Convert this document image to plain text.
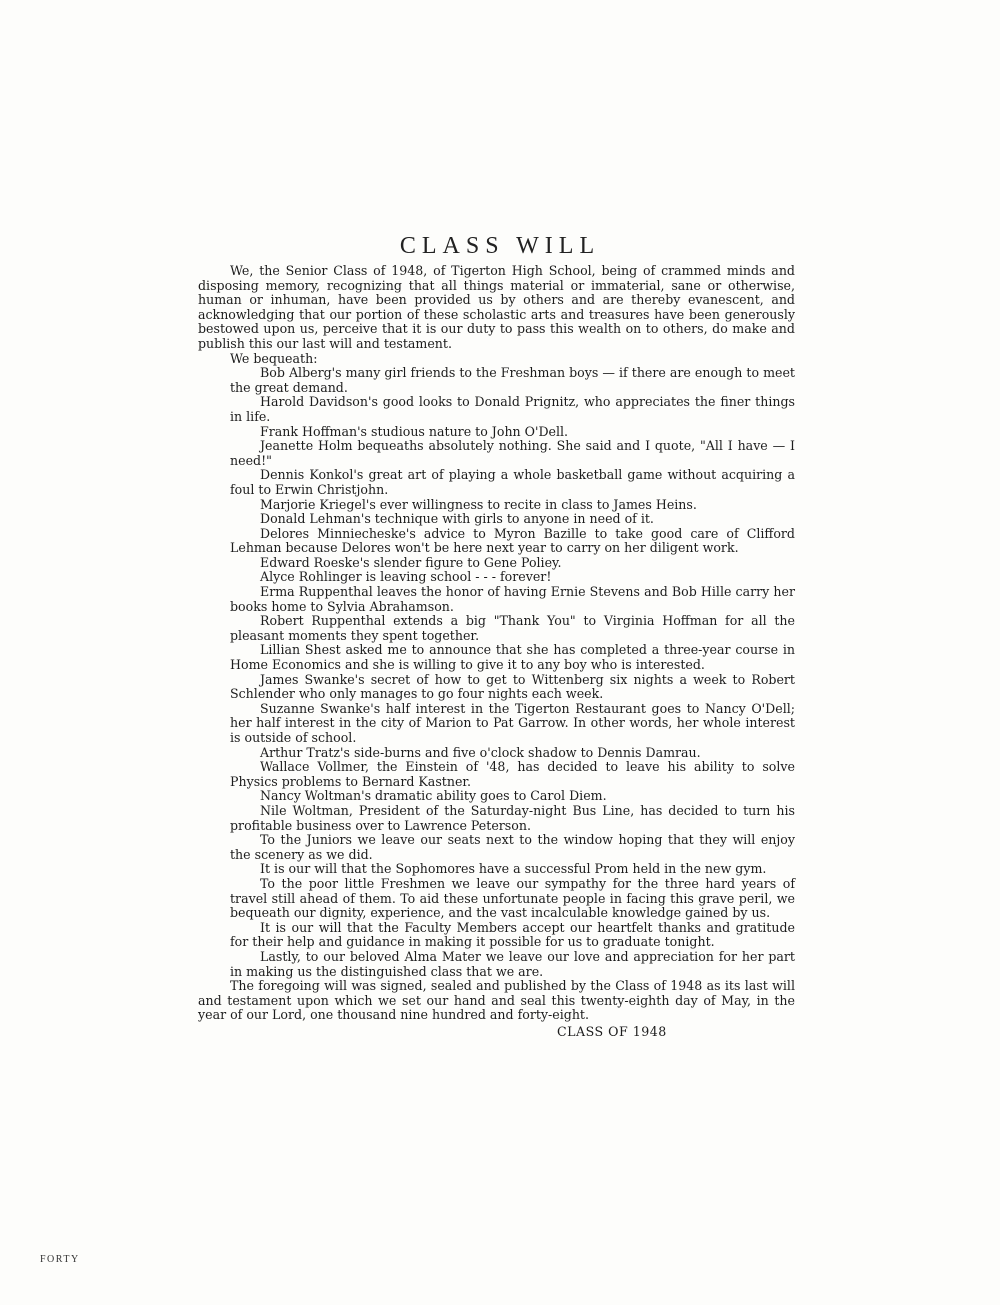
CLASS WILL

We, the Senior Class of 1948, of Tigerton High School, being of crammed minds and disposing memory, recognizing that all things material or immaterial, sane or otherwise, human or inhuman, have been provided us by others and are thereby evanescent, and acknowledging that our portion of these scholastic arts and treasures have been generously bestowed upon us, perceive that it is our duty to pass this wealth on to others, do make and publish this our last will and testament.

We bequeath:

Bob Alberg's many girl friends to the Freshman boys — if there are enough to meet the great demand.

Harold Davidson's good looks to Donald Prignitz, who appreciates the finer things in life.

Frank Hoffman's studious nature to John O'Dell.

Jeanette Holm bequeaths absolutely nothing. She said and I quote, "All I have — I need!"

Dennis Konkol's great art of playing a whole basketball game without acquiring a foul to Erwin Christjohn.

Marjorie Kriegel's ever willingness to recite in class to James Heins.

Donald Lehman's technique with girls to anyone in need of it.

Delores Minniecheske's advice to Myron Bazille to take good care of Clifford Lehman because Delores won't be here next year to carry on her diligent work.

Edward Roeske's slender figure to Gene Poliey.

Alyce Rohlinger is leaving school - - - forever!

Erma Ruppenthal leaves the honor of having Ernie Stevens and Bob Hille carry her books home to Sylvia Abrahamson.

Robert Ruppenthal extends a big "Thank You" to Virginia Hoffman for all the pleasant moments they spent together.

Lillian Shest asked me to announce that she has completed a three-year course in Home Economics and she is willing to give it to any boy who is interested.

James Swanke's secret of how to get to Wittenberg six nights a week to Robert Schlender who only manages to go four nights each week.

Suzanne Swanke's half interest in the Tigerton Restaurant goes to Nancy O'Dell; her half interest in the city of Marion to Pat Garrow. In other words, her whole interest is outside of school.

Arthur Tratz's side-burns and five o'clock shadow to Dennis Damrau.

Wallace Vollmer, the Einstein of '48, has decided to leave his ability to solve Physics problems to Bernard Kastner.

Nancy Woltman's dramatic ability goes to Carol Diem.

Nile Woltman, President of the Saturday-night Bus Line, has decided to turn his profitable business over to Lawrence Peterson.

To the Juniors we leave our seats next to the window hoping that they will enjoy the scenery as we did.

It is our will that the Sophomores have a successful Prom held in the new gym.

To the poor little Freshmen we leave our sympathy for the three hard years of travel still ahead of them. To aid these unfortunate people in facing this grave peril, we bequeath our dignity, experience, and the vast incalculable knowledge gained by us.

It is our will that the Faculty Members accept our heartfelt thanks and gratitude for their help and guidance in making it possible for us to graduate tonight.

Lastly, to our beloved Alma Mater we leave our love and appreciation for her part in making us the distinguished class that we are.

The foregoing will was signed, sealed and published by the Class of 1948 as its last will and testament upon which we set our hand and seal this twenty-eighth day of May, in the year of our Lord, one thousand nine hundred and forty-eight.

CLASS OF 1948

FORTY
